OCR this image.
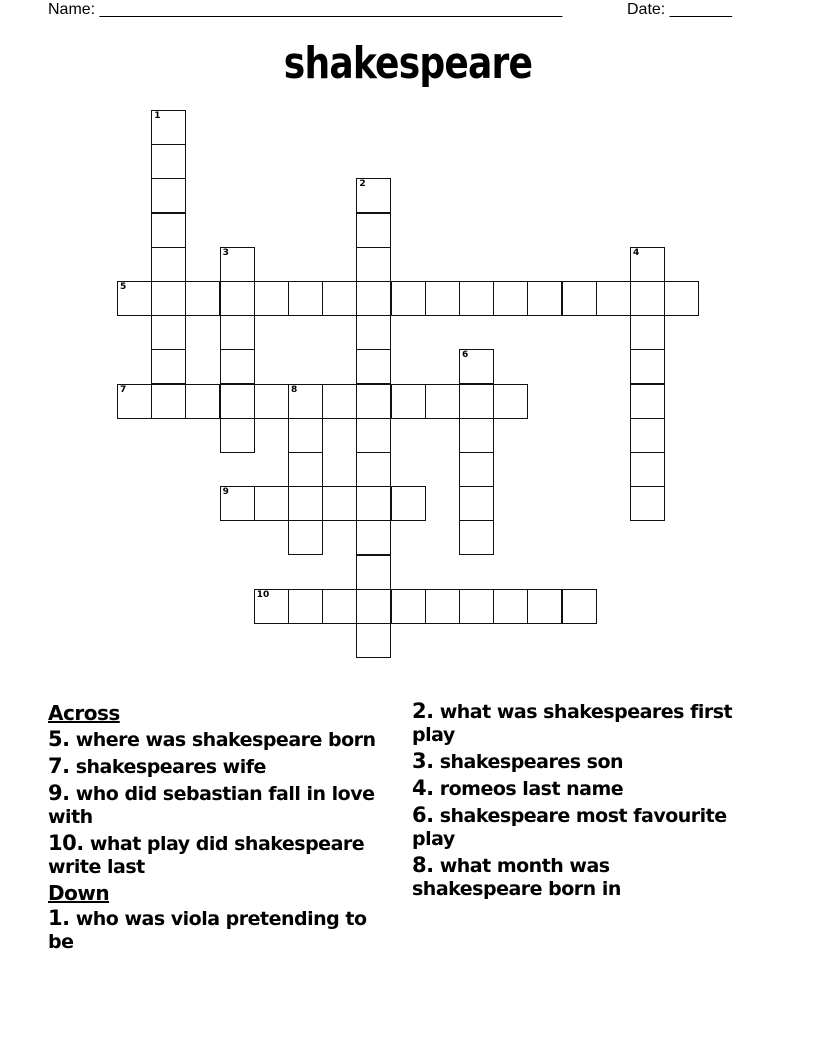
Name: ____________________________________________________	Date: _______
shakespeare
1
2
3	4
5
6
7	8
9
10
Across
5. where was shakespeare born
7. shakespeares wife
9. who did sebastian fall in love with
10. what play did shakespeare write last
Down
1. who was viola pretending to be
2. what was shakespeares first play
3. shakespeares son
4. romeos last name
6. shakespeare most favourite play
8. what month was shakespeare born in
